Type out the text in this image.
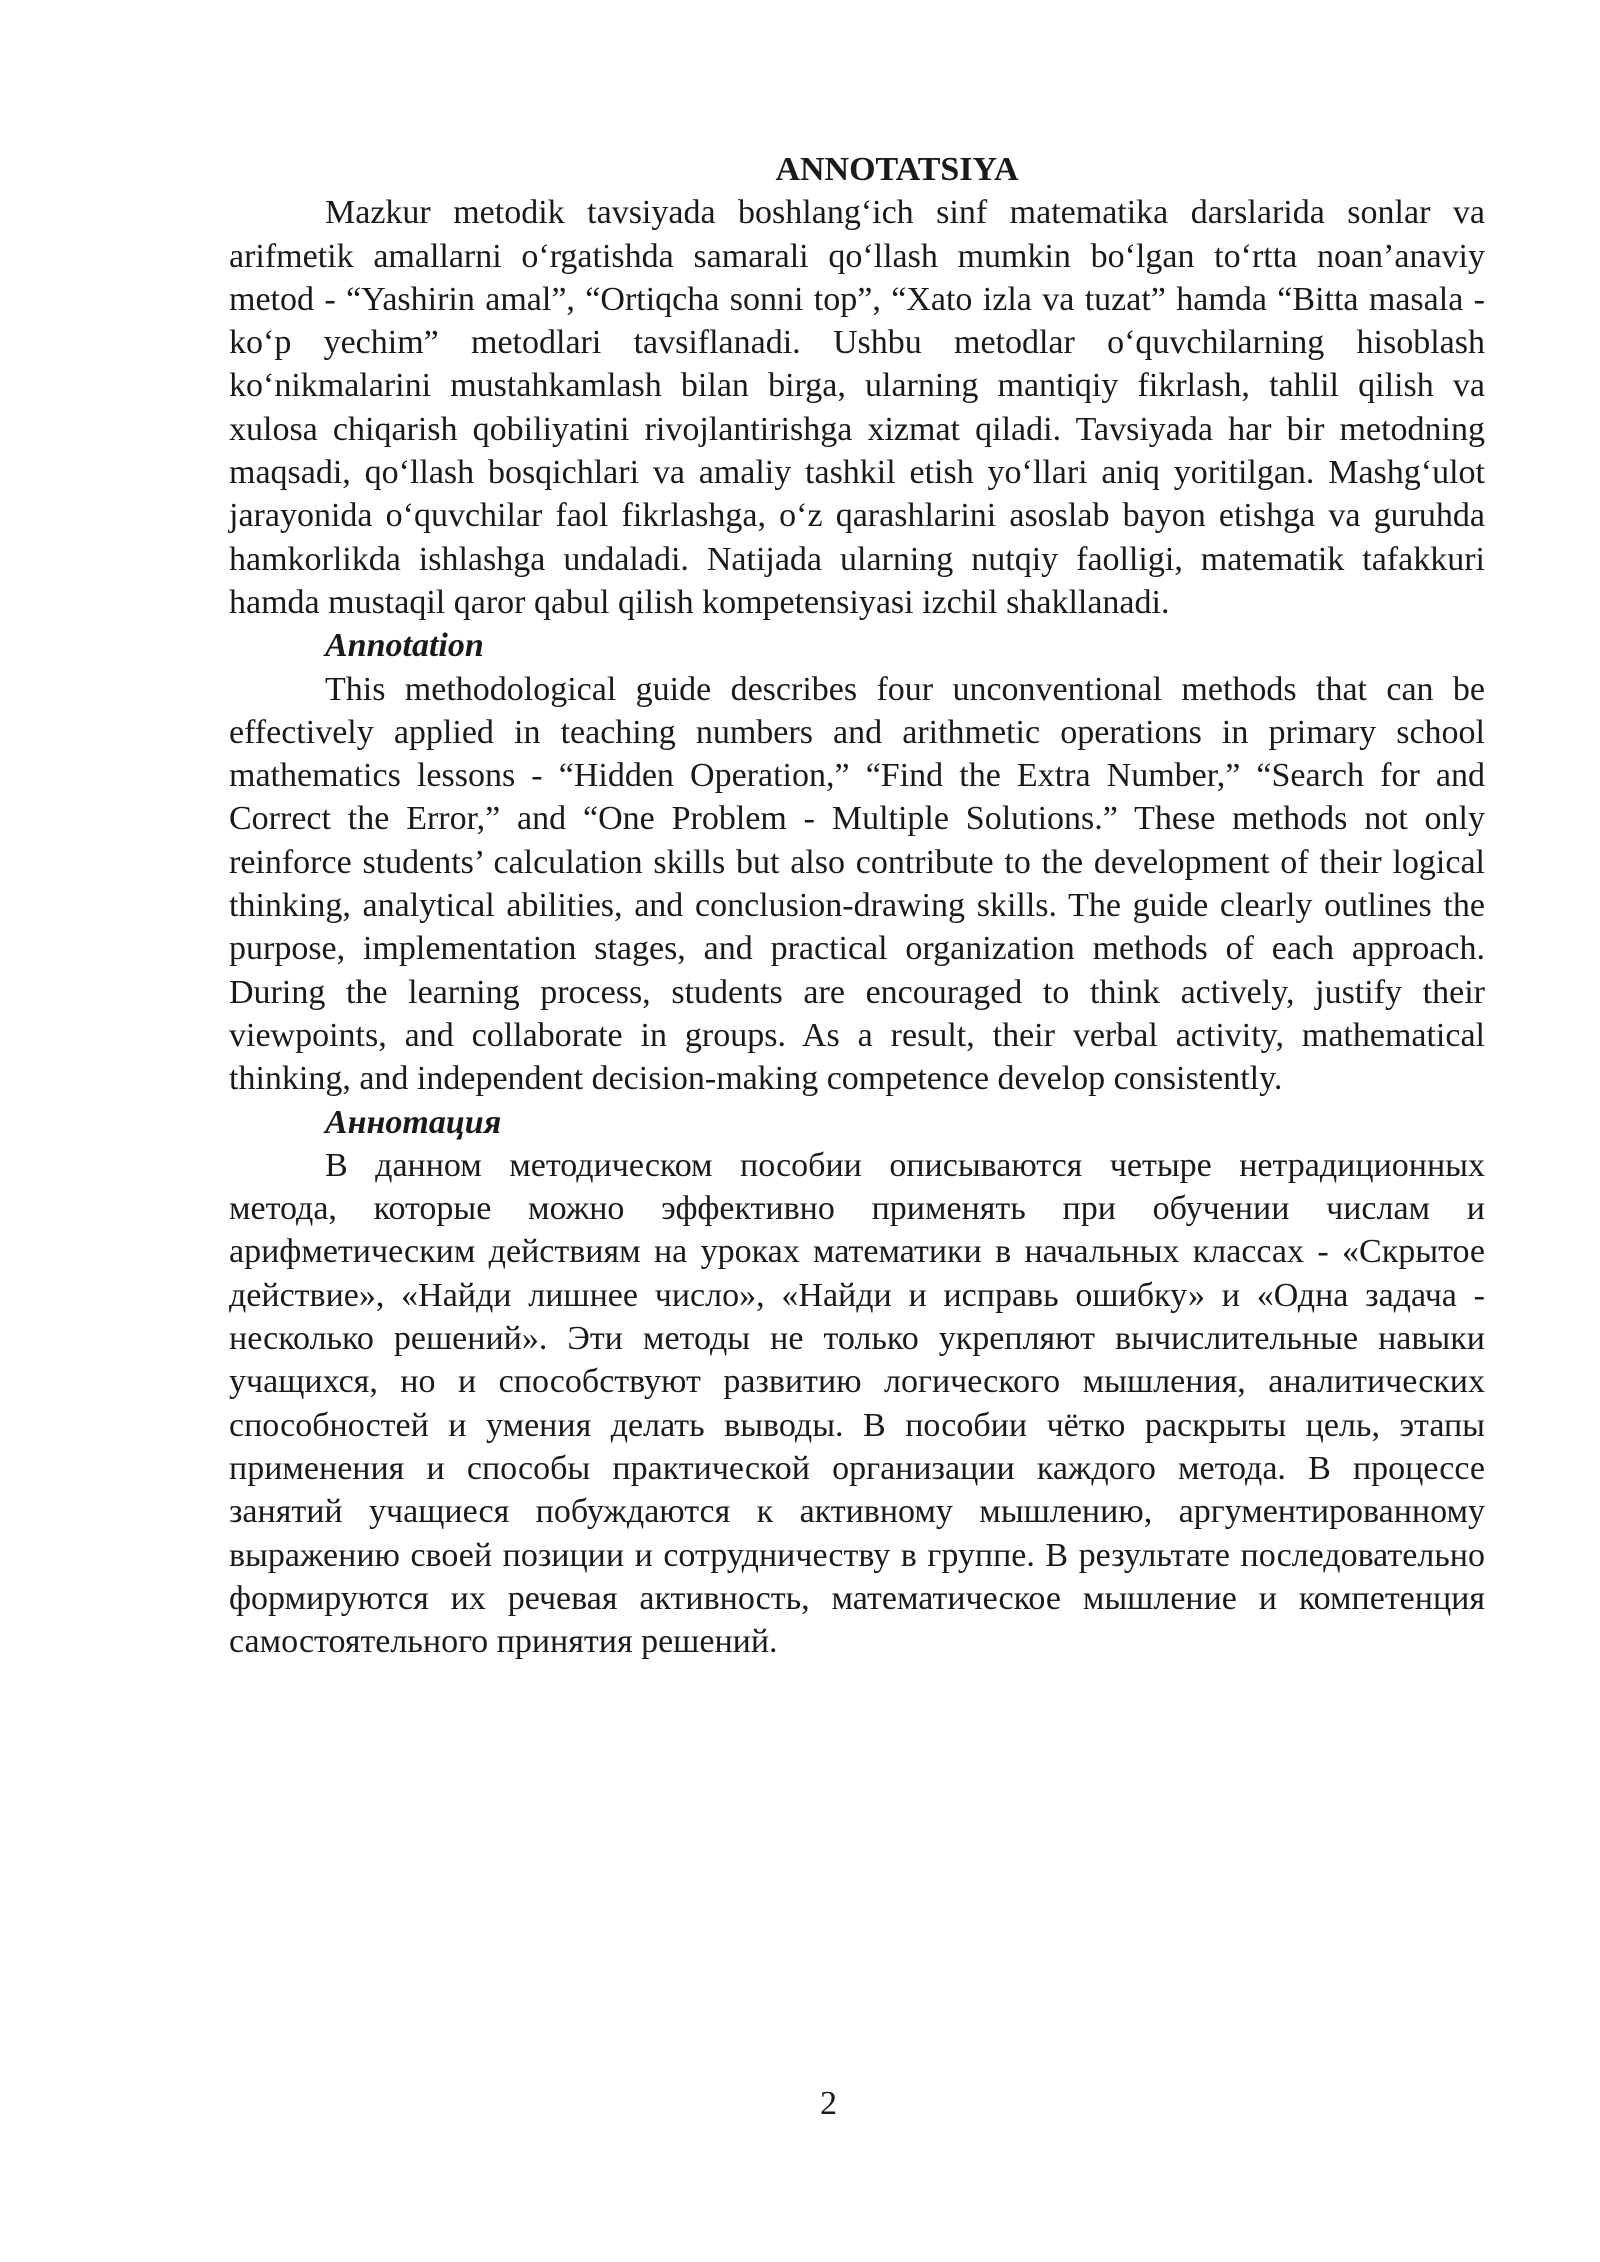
ANNOTATSIYA

Mazkur metodik tavsiyada boshlang‘ich sinf matematika darslarida sonlar va arifmetik amallarni o‘rgatishda samarali qo‘llash mumkin bo‘lgan to‘rtta noan’anaviy metod - “Yashirin amal”, “Ortiqcha sonni top”, “Xato izla va tuzat” hamda “Bitta masala - ko‘p yechim” metodlari tavsiflanadi. Ushbu metodlar o‘quvchilarning hisoblash ko‘nikmalarini mustahkamlash bilan birga, ularning mantiqiy fikrlash, tahlil qilish va xulosa chiqarish qobiliyatini rivojlantirishga xizmat qiladi. Tavsiyada har bir metodning maqsadi, qo‘llash bosqichlari va amaliy tashkil etish yo‘llari aniq yoritilgan. Mashg‘ulot jarayonida o‘quvchilar faol fikrlashga, o‘z qarashlarini asoslab bayon etishga va guruhda hamkorlikda ishlashga undaladi. Natijada ularning nutqiy faolligi, matematik tafakkuri hamda mustaqil qaror qabul qilish kompetensiyasi izchil shakllanadi.

Annotation

This methodological guide describes four unconventional methods that can be effectively applied in teaching numbers and arithmetic operations in primary school mathematics lessons - “Hidden Operation,” “Find the Extra Number,” “Search for and Correct the Error,” and “One Problem - Multiple Solutions.” These methods not only reinforce students’ calculation skills but also contribute to the development of their logical thinking, analytical abilities, and conclusion-drawing skills. The guide clearly outlines the purpose, implementation stages, and practical organization methods of each approach. During the learning process, students are encouraged to think actively, justify their viewpoints, and collaborate in groups. As a result, their verbal activity, mathematical thinking, and independent decision-making competence develop consistently.

Аннотация

В данном методическом пособии описываются четыре нетрадиционных метода, которые можно эффективно применять при обучении числам и арифметическим действиям на уроках математики в начальных классах - «Скрытое действие», «Найди лишнее число», «Найди и исправь ошибку» и «Одна задача - несколько решений». Эти методы не только укрепляют вычислительные навыки учащихся, но и способствуют развитию логического мышления, аналитических способностей и умения делать выводы. В пособии чётко раскрыты цель, этапы применения и способы практической организации каждого метода. В процессе занятий учащиеся побуждаются к активному мышлению, аргументированному выражению своей позиции и сотрудничеству в группе. В результате последовательно формируются их речевая активность, математическое мышление и компетенция самостоятельного принятия решений.

2
